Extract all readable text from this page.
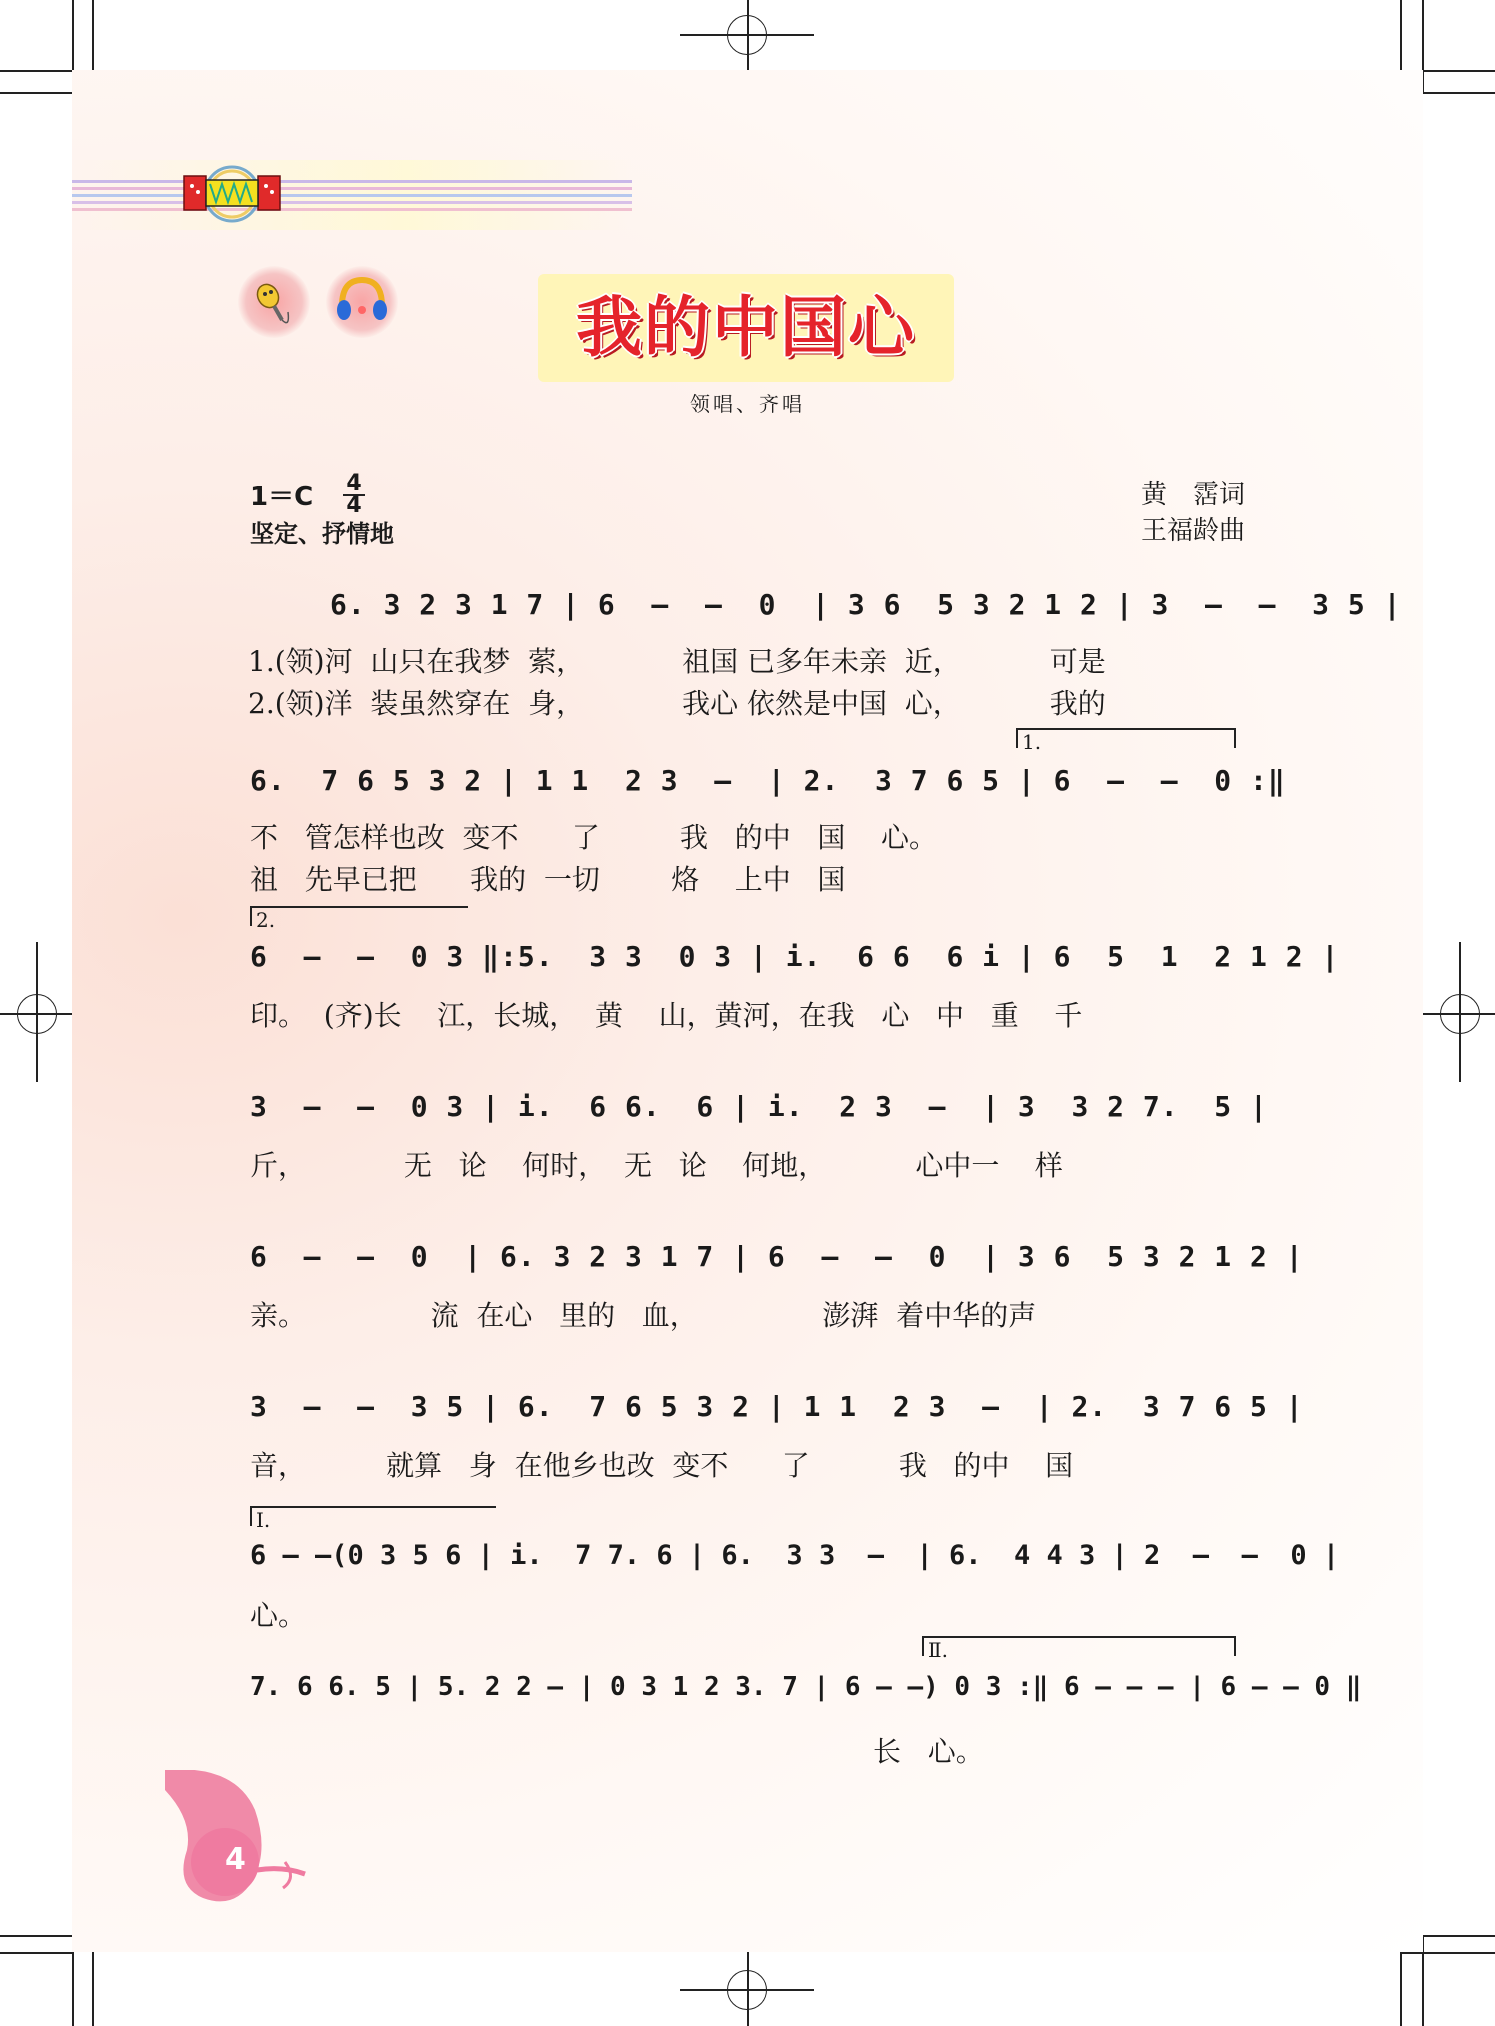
我的中国心
领唱、齐唱
1＝C 4
4
坚定、抒情地
黄　霑词
王福龄曲
6. 3 2 3 1 7 | 6  –  –  0  | 3 6  5 3 2 1 2 | 3  –  –  3 5 |
1.(领)河  山只在我梦  萦，           祖国 已多年未亲  近，          可是
2.(领)洋  装虽然穿在  身，           我心 依然是中国  心，          我的
1.
6.  7 6 5 3 2 | 1 1  2 3  –  | 2.  3 7 6 5 | 6  –  –  0 :‖
不   管怎样也改  变不      了         我   的中   国    心。
祖   先早已把      我的  一切        烙    上中   国
2.
6  –  –  0 3 ‖:5.  3 3  0 3 | i.  6 6  6 i | 6  5  1  2 1 2 |
印。  (齐)长    江，长城，  黄    山，黄河，在我   心   中   重    千
3  –  –  0 3 | i.  6 6.  6 | i.  2 3  –  | 3  3 2 7.  5 |
斤，           无   论    何时，  无   论    何地，          心中一    样
6  –  –  0  | 6. 3 2 3 1 7 | 6  –  –  0  | 3 6  5 3 2 1 2 |
亲。              流  在心   里的   血，              澎湃  着中华的声
3  –  –  3 5 | 6.  7 6 5 3 2 | 1 1  2 3  –  | 2.  3 7 6 5 |
音，         就算   身  在他乡也改  变不      了          我   的中    国
Ⅰ.
6 – –(0 3 5 6 | i.  7 7. 6 | 6.  3 3  –  | 6.  4 4 3 | 2  –  –  0 |
心。
Ⅱ.
7. 6 6. 5 | 5. 2 2 – | 0 3 1 2 3. 7 | 6 – –) 0 3 :‖ 6 – – – | 6 – – 0 ‖
长   心。
4
